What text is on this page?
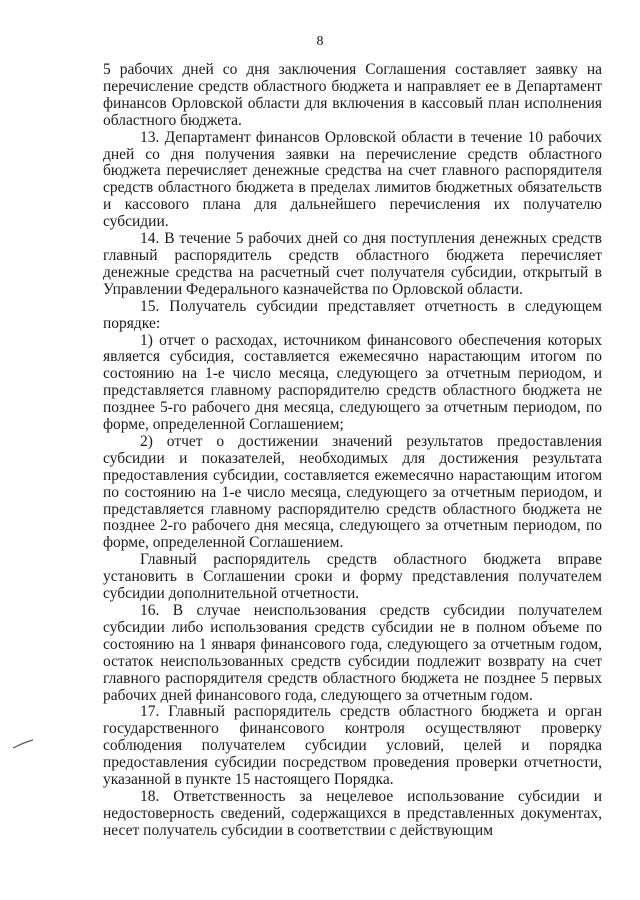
8

5 рабочих дней со дня заключения Соглашения составляет заявку на перечисление средств областного бюджета и направляет ее в Департамент финансов Орловской области для включения в кассовый план исполнения областного бюджета.

13. Департамент финансов Орловской области в течение 10 рабочих дней со дня получения заявки на перечисление средств областного бюджета перечисляет денежные средства на счет главного распорядителя средств областного бюджета в пределах лимитов бюджетных обязательств и кассового плана для дальнейшего перечисления их получателю субсидии.

14. В течение 5 рабочих дней со дня поступления денежных средств главный распорядитель средств областного бюджета перечисляет денежные средства на расчетный счет получателя субсидии, открытый в Управлении Федерального казначейства по Орловской области.

15. Получатель субсидии представляет отчетность в следующем порядке:

1) отчет о расходах, источником финансового обеспечения которых является субсидия, составляется ежемесячно нарастающим итогом по состоянию на 1-е число месяца, следующего за отчетным периодом, и представляется главному распорядителю средств областного бюджета не позднее 5-го рабочего дня месяца, следующего за отчетным периодом, по форме, определенной Соглашением;

2) отчет о достижении значений результатов предоставления субсидии и показателей, необходимых для достижения результата предоставления субсидии, составляется ежемесячно нарастающим итогом по состоянию на 1-е число месяца, следующего за отчетным периодом, и представляется главному распорядителю средств областного бюджета не позднее 2-го рабочего дня месяца, следующего за отчетным периодом, по форме, определенной Соглашением.

Главный распорядитель средств областного бюджета вправе установить в Соглашении сроки и форму представления получателем субсидии дополнительной отчетности.

16. В случае неиспользования средств субсидии получателем субсидии либо использования средств субсидии не в полном объеме по состоянию на 1 января финансового года, следующего за отчетным годом, остаток неиспользованных средств субсидии подлежит возврату на счет главного распорядителя средств областного бюджета не позднее 5 первых рабочих дней финансового года, следующего за отчетным годом.

17. Главный распорядитель средств областного бюджета и орган государственного финансового контроля осуществляют проверку соблюдения получателем субсидии условий, целей и порядка предоставления субсидии посредством проведения проверки отчетности, указанной в пункте 15 настоящего Порядка.

18. Ответственность за нецелевое использование субсидии и недостоверность сведений, содержащихся в представленных документах, несет получатель субсидии в соответствии с действующим
